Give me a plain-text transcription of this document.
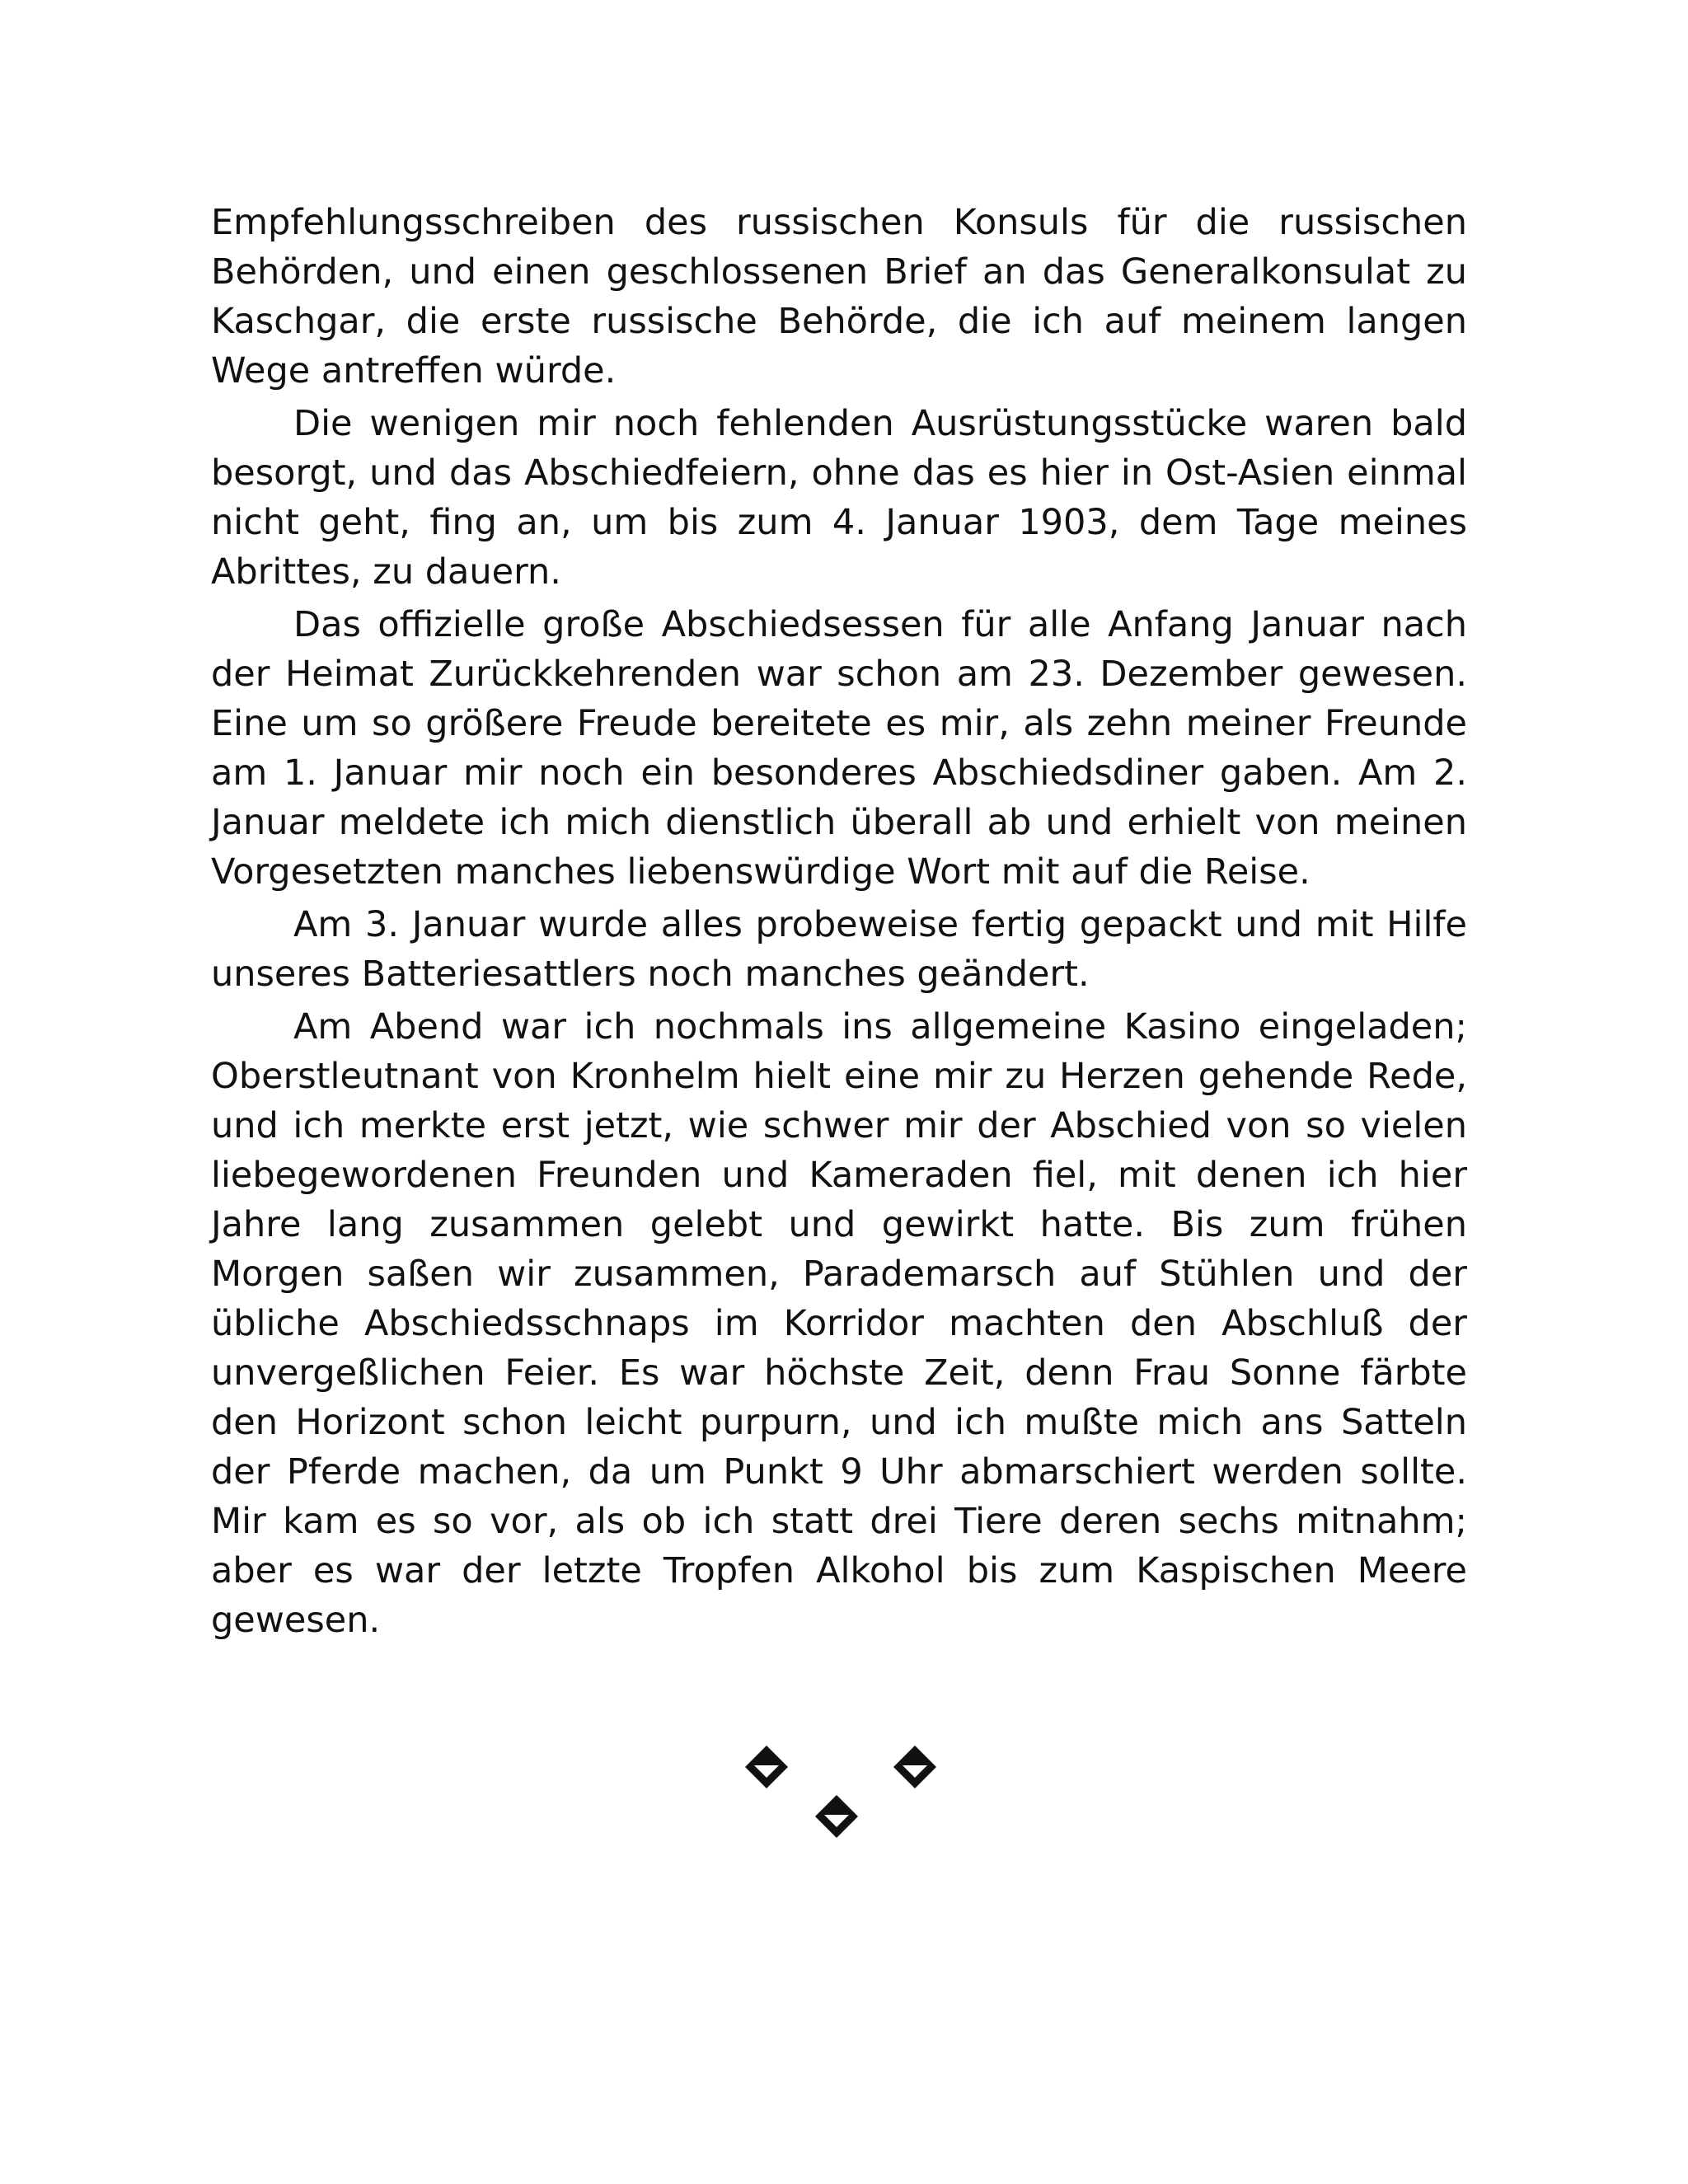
Empfehlungsschreiben des russischen Konsuls für die russischen Behörden, und einen geschlossenen Brief an das Generalkonsulat zu Kaschgar, die erste russische Behörde, die ich auf meinem langen Wege antreffen würde.

Die wenigen mir noch fehlenden Ausrüstungsstücke waren bald besorgt, und das Abschiedfeiern, ohne das es hier in Ost-Asien einmal nicht geht, fing an, um bis zum 4. Januar 1903, dem Tage meines Abrittes, zu dauern.

Das offizielle große Abschiedsessen für alle Anfang Januar nach der Heimat Zurückkehrenden war schon am 23. Dezember gewesen. Eine um so größere Freude bereitete es mir, als zehn meiner Freunde am 1. Januar mir noch ein besonderes Abschiedsdiner gaben. Am 2. Januar meldete ich mich dienstlich überall ab und erhielt von meinen Vorgesetzten manches liebenswürdige Wort mit auf die Reise.

Am 3. Januar wurde alles probeweise fertig gepackt und mit Hilfe unseres Batteriesattlers noch manches geändert.

Am Abend war ich nochmals ins allgemeine Kasino eingeladen; Oberstleutnant von Kronhelm hielt eine mir zu Herzen gehende Rede, und ich merkte erst jetzt, wie schwer mir der Abschied von so vielen liebegewordenen Freunden und Kameraden fiel, mit denen ich hier Jahre lang zusammen gelebt und gewirkt hatte. Bis zum frühen Morgen saßen wir zusammen, Parademarsch auf Stühlen und der übliche Abschiedsschnaps im Korridor machten den Abschluß der unvergeßlichen Feier. Es war höchste Zeit, denn Frau Sonne färbte den Horizont schon leicht purpurn, und ich mußte mich ans Satteln der Pferde machen, da um Punkt 9 Uhr abmarschiert werden sollte. Mir kam es so vor, als ob ich statt drei Tiere deren sechs mitnahm; aber es war der letzte Tropfen Alkohol bis zum Kaspischen Meere gewesen.
